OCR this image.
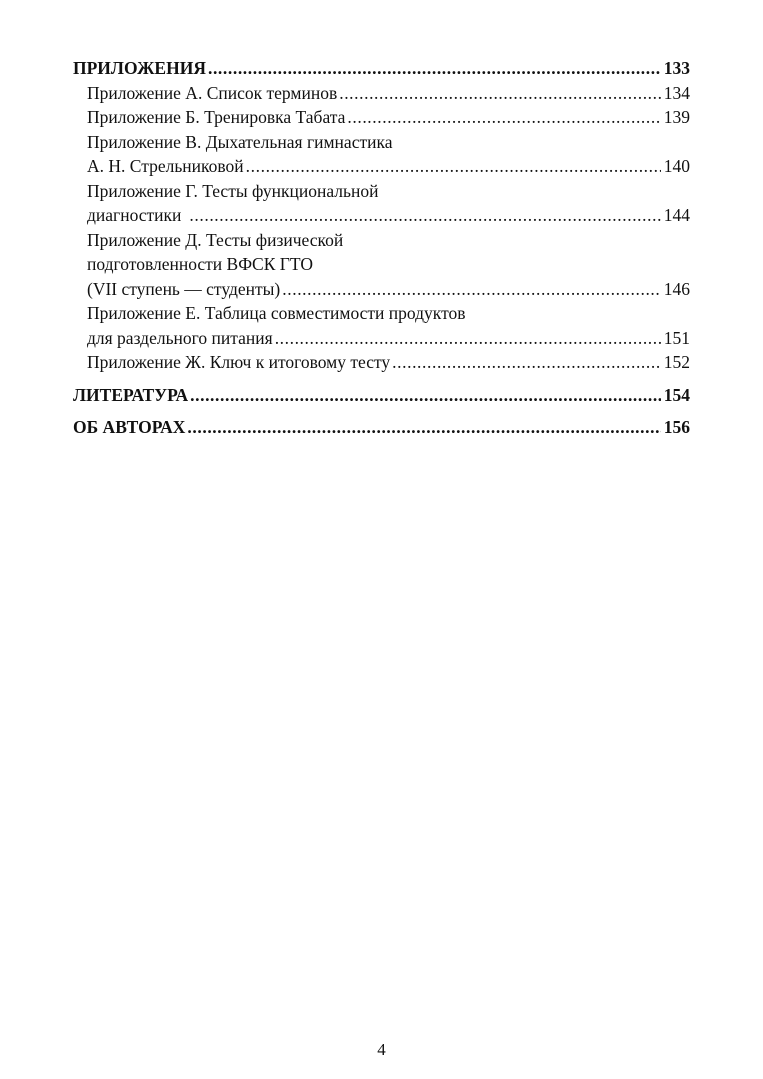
ПРИЛОЖЕНИЯ .....	133
Приложение А. Список терминов .....	134
Приложение Б. Тренировка Табата .....	139
Приложение В. Дыхательная гимнастика
А. Н. Стрельниковой .....	140
Приложение Г. Тесты функциональной
диагностики .....	144
Приложение Д. Тесты физической
подготовленности ВФСК ГТО
(VII ступень — студенты) .....	146
Приложение Е. Таблица совместимости продуктов
для раздельного питания .....	151
Приложение Ж. Ключ к итоговому тесту .....	152
ЛИТЕРАТУРА .....	154
ОБ АВТОРАХ .....	156
4
